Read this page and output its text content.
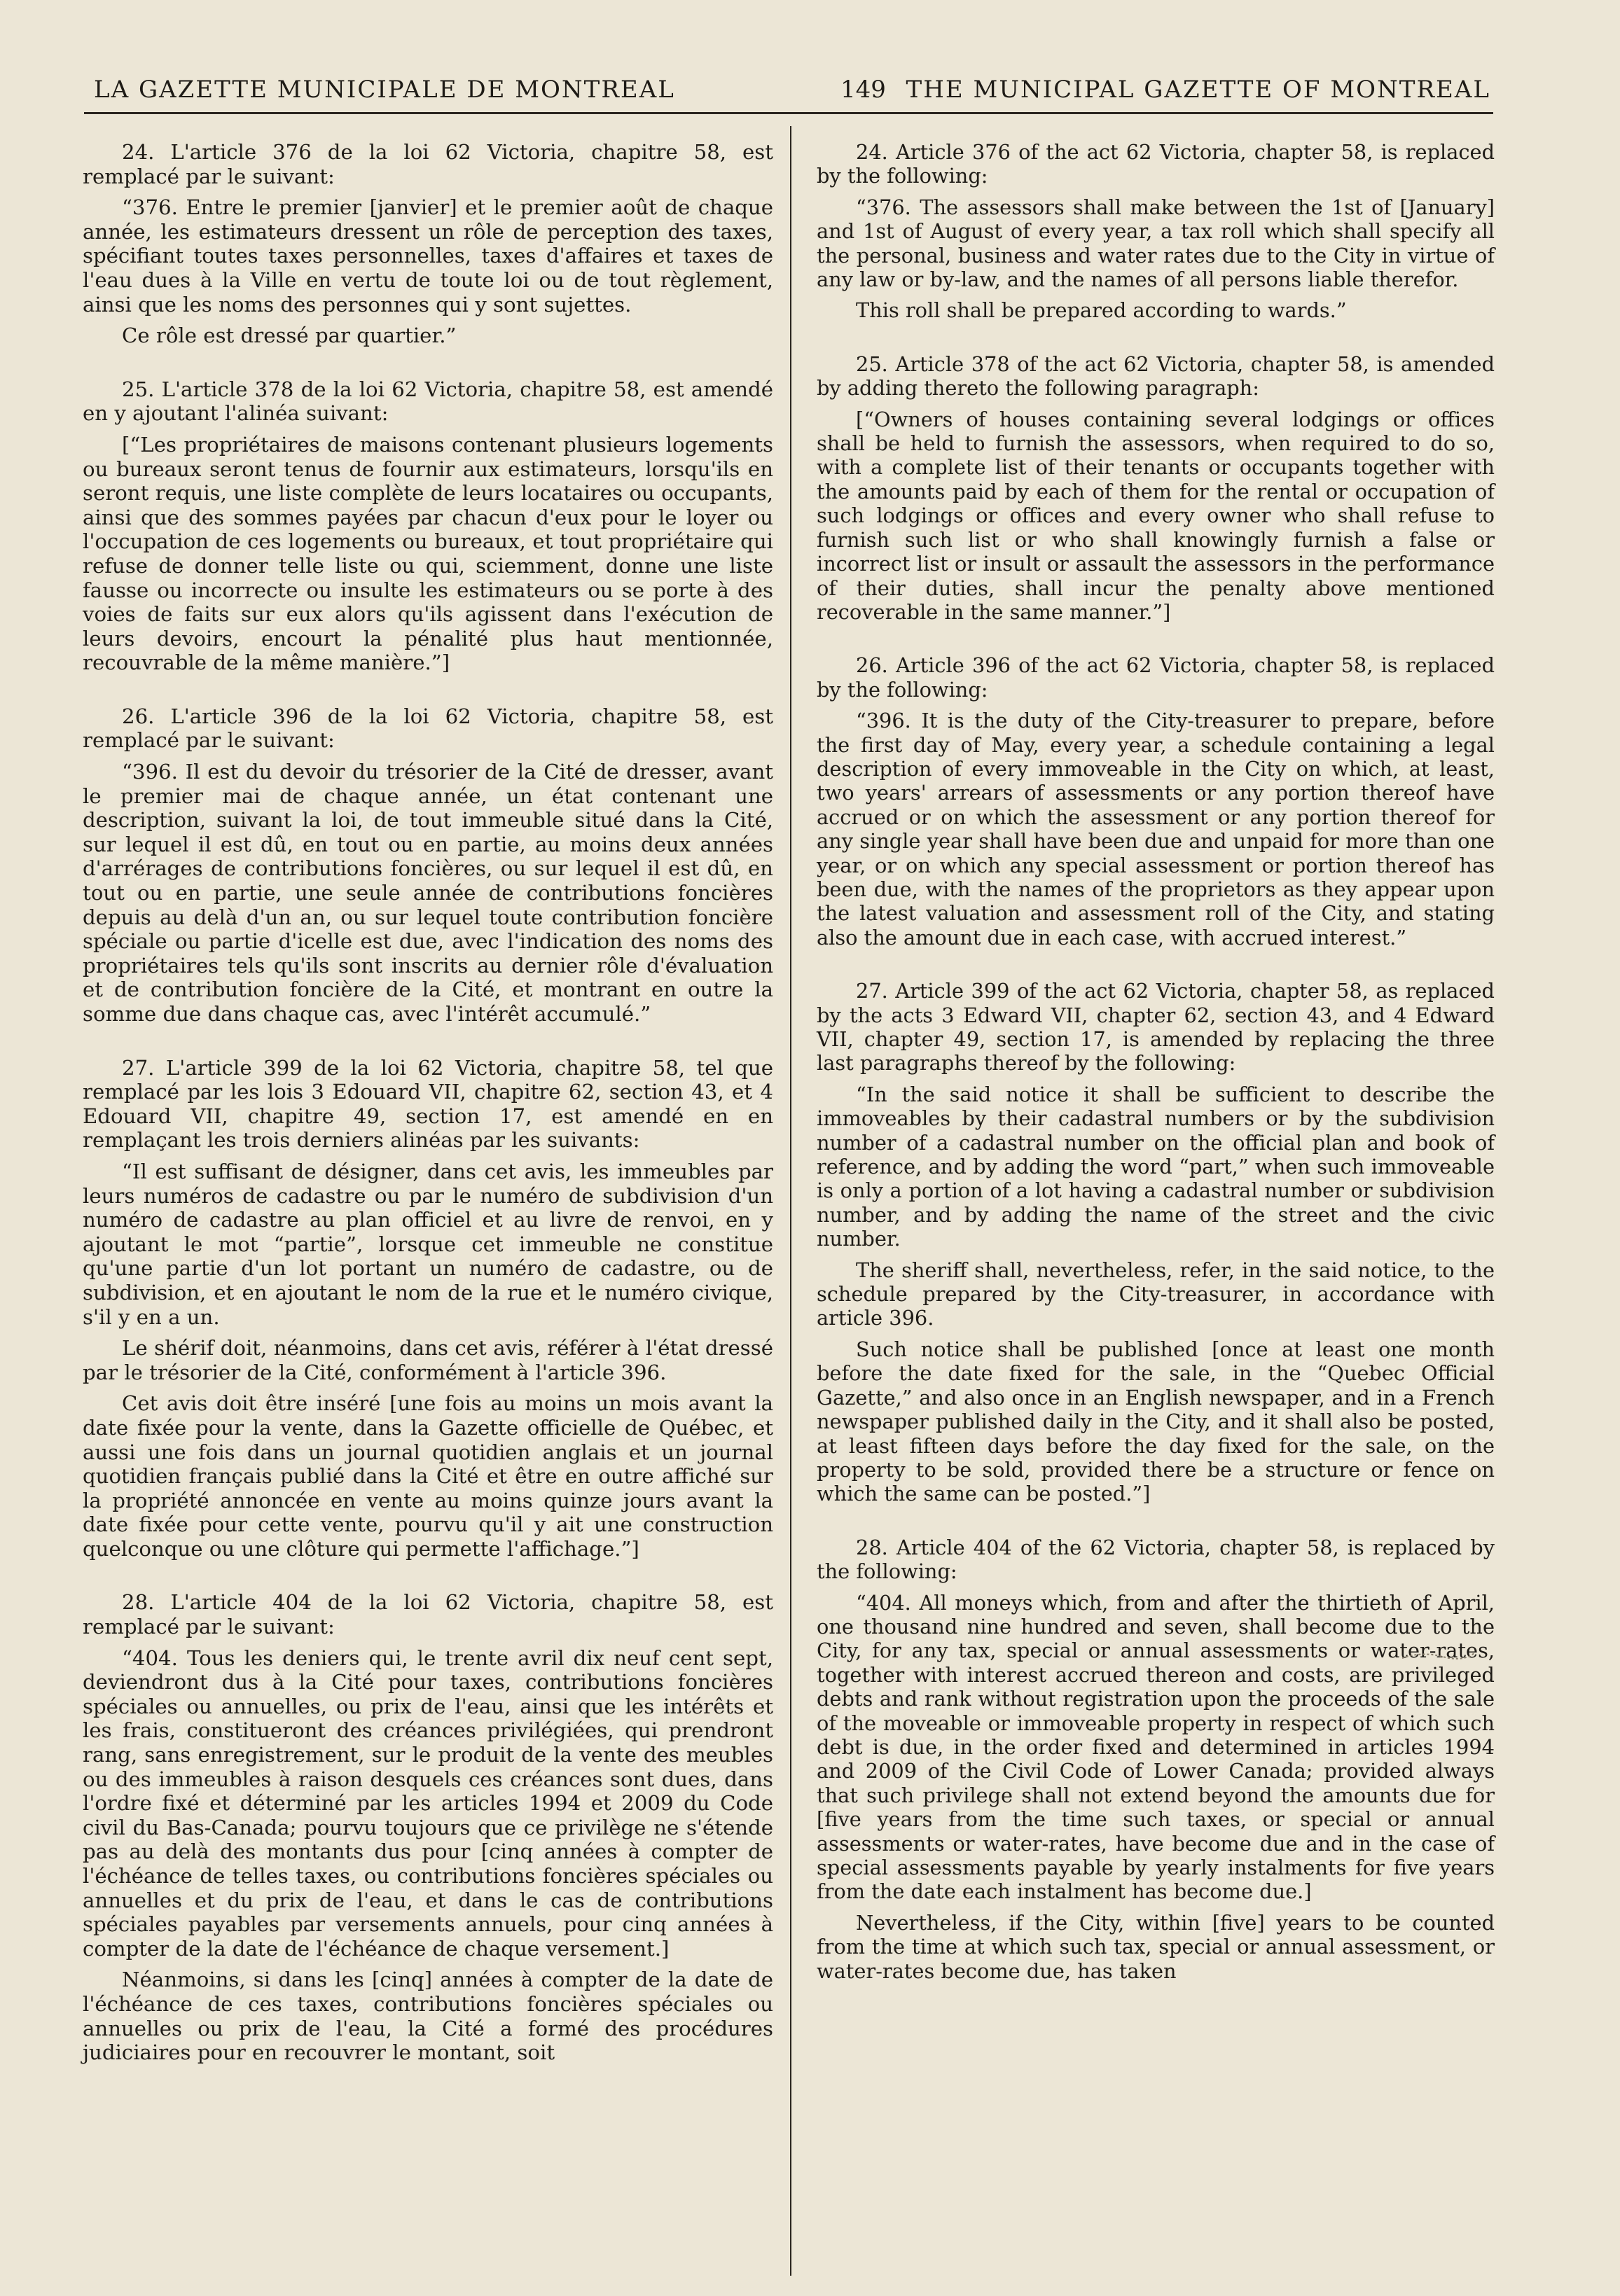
LA GAZETTE MUNICIPALE DE MONTREAL	149 THE MUNICIPAL GAZETTE OF MONTREAL

24. L'article 376 de la loi 62 Victoria, chapitre 58, est remplacé par le suivant:

“376. Entre le premier [janvier] et le premier août de chaque année, les estimateurs dressent un rôle de perception des taxes, spécifiant toutes taxes personnelles, taxes d'affaires et taxes de l'eau dues à la Ville en vertu de toute loi ou de tout règlement, ainsi que les noms des personnes qui y sont sujettes.

Ce rôle est dressé par quartier.”

25. L'article 378 de la loi 62 Victoria, chapitre 58, est amendé en y ajoutant l'alinéa suivant:

[“Les propriétaires de maisons contenant plusieurs logements ou bureaux seront tenus de fournir aux estimateurs, lorsqu'ils en seront requis, une liste complète de leurs locataires ou occupants, ainsi que des sommes payées par chacun d'eux pour le loyer ou l'occupation de ces logements ou bureaux, et tout propriétaire qui refuse de donner telle liste ou qui, sciemment, donne une liste fausse ou incorrecte ou insulte les estimateurs ou se porte à des voies de faits sur eux alors qu'ils agissent dans l'exécution de leurs devoirs, encourt la pénalité plus haut mentionnée, recouvrable de la même manière.”]

26. L'article 396 de la loi 62 Victoria, chapitre 58, est remplacé par le suivant:

“396. Il est du devoir du trésorier de la Cité de dresser, avant le premier mai de chaque année, un état contenant une description, suivant la loi, de tout immeuble situé dans la Cité, sur lequel il est dû, en tout ou en partie, au moins deux années d'arrérages de contributions foncières, ou sur lequel il est dû, en tout ou en partie, une seule année de contributions foncières depuis au delà d'un an, ou sur lequel toute contribution foncière spéciale ou partie d'icelle est due, avec l'indication des noms des propriétaires tels qu'ils sont inscrits au dernier rôle d'évaluation et de contribution foncière de la Cité, et montrant en outre la somme due dans chaque cas, avec l'intérêt accumulé.”

27. L'article 399 de la loi 62 Victoria, chapitre 58, tel que remplacé par les lois 3 Edouard VII, chapitre 62, section 43, et 4 Edouard VII, chapitre 49, section 17, est amendé en en remplaçant les trois derniers alinéas par les suivants:

“Il est suffisant de désigner, dans cet avis, les immeubles par leurs numéros de cadastre ou par le numéro de subdivision d'un numéro de cadastre au plan officiel et au livre de renvoi, en y ajoutant le mot “partie”, lorsque cet immeuble ne constitue qu'une partie d'un lot portant un numéro de cadastre, ou de subdivision, et en ajoutant le nom de la rue et le numéro civique, s'il y en a un.

Le shérif doit, néanmoins, dans cet avis, référer à l'état dressé par le trésorier de la Cité, conformément à l'article 396.

Cet avis doit être inséré [une fois au moins un mois avant la date fixée pour la vente, dans la Gazette officielle de Québec, et aussi une fois dans un journal quotidien anglais et un journal quotidien français publié dans la Cité et être en outre affiché sur la propriété annoncée en vente au moins quinze jours avant la date fixée pour cette vente, pourvu qu'il y ait une construction quelconque ou une clôture qui permette l'affichage.”]

28. L'article 404 de la loi 62 Victoria, chapitre 58, est remplacé par le suivant:

“404. Tous les deniers qui, le trente avril dix neuf cent sept, deviendront dus à la Cité pour taxes, contributions foncières spéciales ou annuelles, ou prix de l'eau, ainsi que les intérêts et les frais, constitueront des créances privilégiées, qui prendront rang, sans enregistrement, sur le produit de la vente des meubles ou des immeubles à raison desquels ces créances sont dues, dans l'ordre fixé et déterminé par les articles 1994 et 2009 du Code civil du Bas-Canada; pourvu toujours que ce privilège ne s'étende pas au delà des montants dus pour [cinq années à compter de l'échéance de telles taxes, ou contributions foncières spéciales ou annuelles et du prix de l'eau, et dans le cas de contributions spéciales payables par versements annuels, pour cinq années à compter de la date de l'échéance de chaque versement.]

Néanmoins, si dans les [cinq] années à compter de la date de l'échéance de ces taxes, contributions foncières spéciales ou annuelles ou prix de l'eau, la Cité a formé des procédures judiciaires pour en recouvrer le montant, soit

24. Article 376 of the act 62 Victoria, chapter 58, is replaced by the following:

“376. The assessors shall make between the 1st of [January] and 1st of August of every year, a tax roll which shall specify all the personal, business and water rates due to the City in virtue of any law or by-law, and the names of all persons liable therefor.

This roll shall be prepared according to wards.”

25. Article 378 of the act 62 Victoria, chapter 58, is amended by adding thereto the following paragraph:

[“Owners of houses containing several lodgings or offices shall be held to furnish the assessors, when required to do so, with a complete list of their tenants or occupants together with the amounts paid by each of them for the rental or occupation of such lodgings or offices and every owner who shall refuse to furnish such list or who shall knowingly furnish a false or incorrect list or insult or assault the assessors in the performance of their duties, shall incur the penalty above mentioned recoverable in the same manner.”]

26. Article 396 of the act 62 Victoria, chapter 58, is replaced by the following:

“396. It is the duty of the City-treasurer to prepare, before the first day of May, every year, a schedule containing a legal description of every immoveable in the City on which, at least, two years' arrears of assessments or any portion thereof have accrued or on which the assessment or any portion thereof for any single year shall have been due and unpaid for more than one year, or on which any special assessment or portion thereof has been due, with the names of the proprietors as they appear upon the latest valuation and assessment roll of the City, and stating also the amount due in each case, with accrued interest.”

27. Article 399 of the act 62 Victoria, chapter 58, as replaced by the acts 3 Edward VII, chapter 62, section 43, and 4 Edward VII, chapter 49, section 17, is amended by replacing the three last paragraphs thereof by the following:

“In the said notice it shall be sufficient to describe the immoveables by their cadastral numbers or by the subdivision number of a cadastral number on the official plan and book of reference, and by adding the word “part,” when such immoveable is only a portion of a lot having a cadastral number or subdivision number, and by adding the name of the street and the civic number.

The sheriff shall, nevertheless, refer, in the said notice, to the schedule prepared by the City-treasurer, in accordance with article 396.

Such notice shall be published [once at least one month before the date fixed for the sale, in the “Quebec Official Gazette,” and also once in an English newspaper, and in a French newspaper published daily in the City, and it shall also be posted, at least fifteen days before the day fixed for the sale, on the property to be sold, provided there be a structure or fence on which the same can be posted.”]

28. Article 404 of the 62 Victoria, chapter 58, is replaced by the following:

“404. All moneys which, from and after the thirtieth of April, one thousand nine hundred and seven, shall become due to the City, for any tax, special or annual assessments or water-rates, together with interest accrued thereon and costs, are privileged debts and rank without registration upon the proceeds of the sale of the moveable or immoveable property in respect of which such debt is due, in the order fixed and determined in articles 1994 and 2009 of the Civil Code of Lower Canada; provided always that such privilege shall not extend beyond the amounts due for [five years from the time such taxes, or special or annual assessments or water-rates, have become due and in the case of special assessments payable by yearly instalments for five years from the date each instalment has become due.]

Nevertheless, if the City, within [five] years to be counted from the time at which such tax, special or annual assessment, or water-rates become due, has taken
